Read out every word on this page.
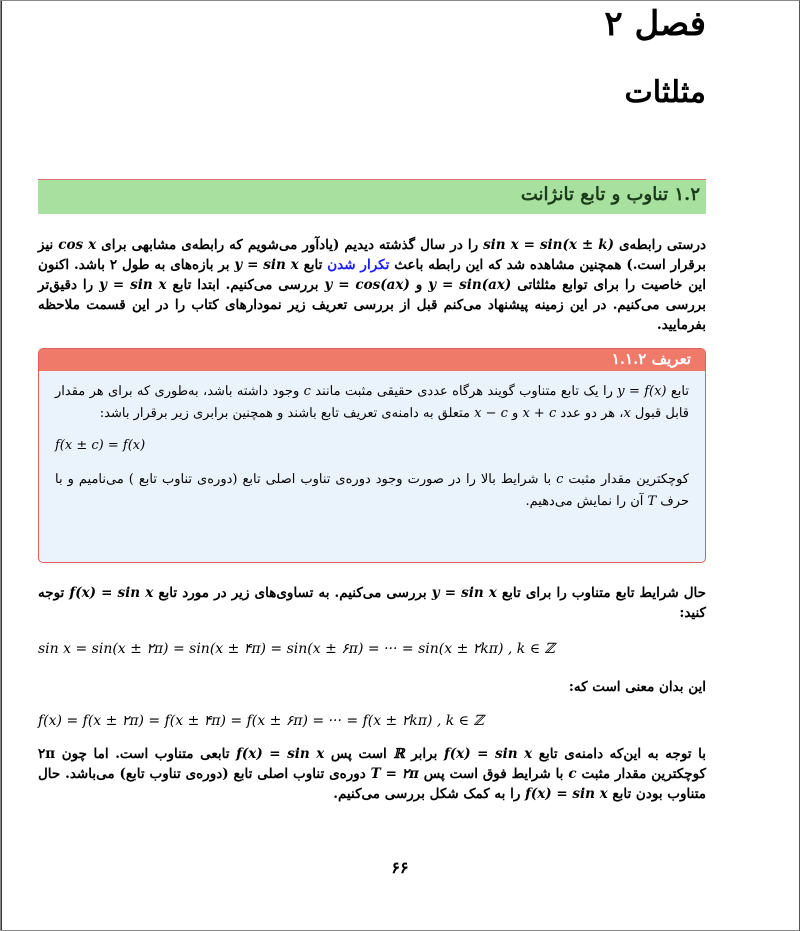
فصل ۲
مثلثات
۱.۲ تناوب و تابع تانژانت
درستی رابطه‌ی sin x = sin(x ± k) را در سال گذشته دیدیم (یادآور می‌شویم که رابطه‌ی مشابهی برای cos x نیز برقرار است.) همچنین مشاهده شد که این رابطه باعث تکرار شدن تابع y = sin x بر بازه‌های به طول ۲ باشد. اکنون این خاصیت را برای توابع مثلثاتی y = sin(ax) و y = cos(ax) بررسی می‌کنیم. ابتدا تابع y = sin x را دقیق‌تر بررسی می‌کنیم. در این زمینه پیشنهاد می‌کنم قبل از بررسی تعریف زیر نمودارهای کتاب را در این قسمت ملاحظه بفرمایید.
تعریف ۱.۱.۲
تابع y = f(x) را یک تابع متناوب گویند هرگاه عددی حقیقی مثبت مانند c وجود داشته باشد، به‌طوری که برای هر مقدار قابل قبول x، هر دو عدد x + c و x − c متعلق به دامنه‌ی تعریف تابع باشند و همچنین برابری زیر برقرار باشد:
f(x ± c) = f(x)
کوچکترین مقدار مثبت c با شرایط بالا را در صورت وجود دوره‌ی تناوب اصلی تابع (دوره‌ی تناوب تابع ) می‌نامیم و با حرف T آن را نمایش می‌دهیم.
حال شرایط تابع متناوب را برای تابع y = sin x بررسی می‌کنیم. به تساوی‌های زیر در مورد تابع f(x) = sin x توجه کنید:
sin x = sin(x ± ۲π) = sin(x ± ۴π) = sin(x ± ۶π) = ··· = sin(x ± ۲kπ) , k ∈ ℤ
این بدان معنی است که:
f(x) = f(x ± ۲π) = f(x ± ۴π) = f(x ± ۶π) = ··· = f(x ± ۲kπ) , k ∈ ℤ
با توجه به این‌که دامنه‌ی تابع f(x) = sin x برابر ℝ است پس f(x) = sin x تابعی متناوب است. اما چون ۲π کوچکترین مقدار مثبت c با شرایط فوق است پس T = ۲π دوره‌ی تناوب اصلی تابع (دوره‌ی تناوب تابع) می‌باشد. حال متناوب بودن تابع f(x) = sin x را به کمک شکل بررسی می‌کنیم.
۶۶
